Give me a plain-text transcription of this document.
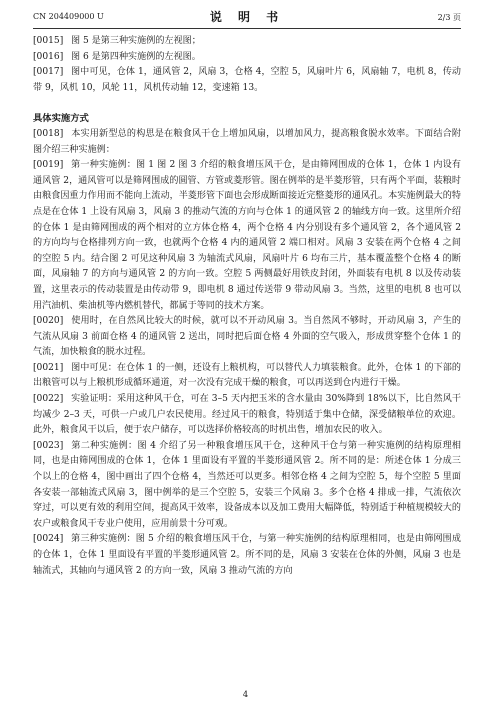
CN 204409000 U	说 明 书	2/3 页

[0015] 图 5 是第三种实施例的左视图；

[0016] 图 6 是第四种实施例的左视图。

[0017] 图中可见，仓体 1，通风管 2，风扇 3，仓格 4，空腔 5，风扇叶片 6，风扇轴 7，电机 8，传动带 9，风机 10，风轮 11，风机传动轴 12，变速箱 13。

具体实施方式

[0018] 本实用新型总的构思是在粮食风干仓上增加风扇，以增加风力，提高粮食脱水效率。下面结合附图介绍三种实施例：

[0019] 第一种实施例：图 1 图 2 图 3 介绍的粮食增压风干仓，是由筛网围成的仓体 1，仓体 1 内设有通风管 2，通风管可以是筛网围成的圆管、方管或菱形管。图在例举的是半菱形管，只有两个平面，装粮时由粮食因重力作用而不能向上流动，半菱形管下面也会形成断面接近完整菱形的通风孔。本实施例最大的特点是在仓体 1 上设有风扇 3，风扇 3 的推动气流的方向与仓体 1 的通风管 2 的轴线方向一致。这里所介绍的仓体 1 是由筛网围成的两个相对的立方体仓格 4，两个仓格 4 内分别设有多个通风管 2，各个通风管 2 的方向均与仓格排列方向一致，也就两个仓格 4 内的通风管 2 端口相对。风扇 3 安装在两个仓格 4 之间的空腔 5 内。结合图 2 可见这种风扇 3 为轴流式风扇，风扇叶片 6 均布三片，基本覆盖整个仓格 4 的断面，风扇轴 7 的方向与通风管 2 的方向一致。空腔 5 两侧最好用铁皮封闭，外面装有电机 8 以及传动装置，这里表示的传动装置是由传动带 9，即电机 8 通过传送带 9 带动风扇 3。当然，这里的电机 8 也可以用汽油机、柴油机等内燃机替代，都属于等同的技术方案。

[0020] 使用时，在自然风比较大的时候，就可以不开动风扇 3。当自然风不够时，开动风扇 3，产生的气流从风扇 3 前面仓格 4 的通风管 2 送出，同时把后面仓格 4 外面的空气吸入，形成贯穿整个仓体 1 的气流，加快粮食的脱水过程。

[0021] 图中可见：在仓体 1 的一侧，还设有上粮机构，可以替代人力填装粮食。此外，仓体 1 的下部的出粮管可以与上粮机形成循环通道，对一次没有完成干燥的粮食，可以再送到仓内进行干燥。

[0022] 实验证明：采用这种风干仓，可在 3–5 天内把玉米的含水量由 30%降到 18%以下，比自然风干均减少 2–3 天，可供一户或几户农民使用。经过风干的粮食，特别适于集中仓储，深受储粮单位的欢迎。此外，粮食风干以后，便于农户储存，可以选择价格较高的时机出售，增加农民的收入。

[0023] 第二种实施例：图 4 介绍了另一种粮食增压风干仓，这种风干仓与第一种实施例的结构原理相同，也是由筛网围成的仓体 1，仓体 1 里面设有平置的半菱形通风管 2。所不同的是：所述仓体 1 分成三个以上的仓格 4，图中画出了四个仓格 4，当然还可以更多。相邻仓格 4 之间为空腔 5，每个空腔 5 里面各安装一部轴流式风扇 3，图中例举的是三个空腔 5，安装三个风扇 3。多个仓格 4 排成一排，气流依次穿过，可以更有效的利用空间，提高风干效率，设备成本以及加工费用大幅降低，特别适于种植规模较大的农户或粮食风干专业户使用，应用前景十分可观。

[0024] 第三种实施例：图 5 介绍的粮食增压风干仓，与第一种实施例的结构原理相同，也是由筛网围成的仓体 1，仓体 1 里面设有平置的半菱形通风管 2。所不同的是，风扇 3 安装在仓体的外侧，风扇 3 也是轴流式，其轴向与通风管 2 的方向一致，风扇 3 推动气流的方向

4
